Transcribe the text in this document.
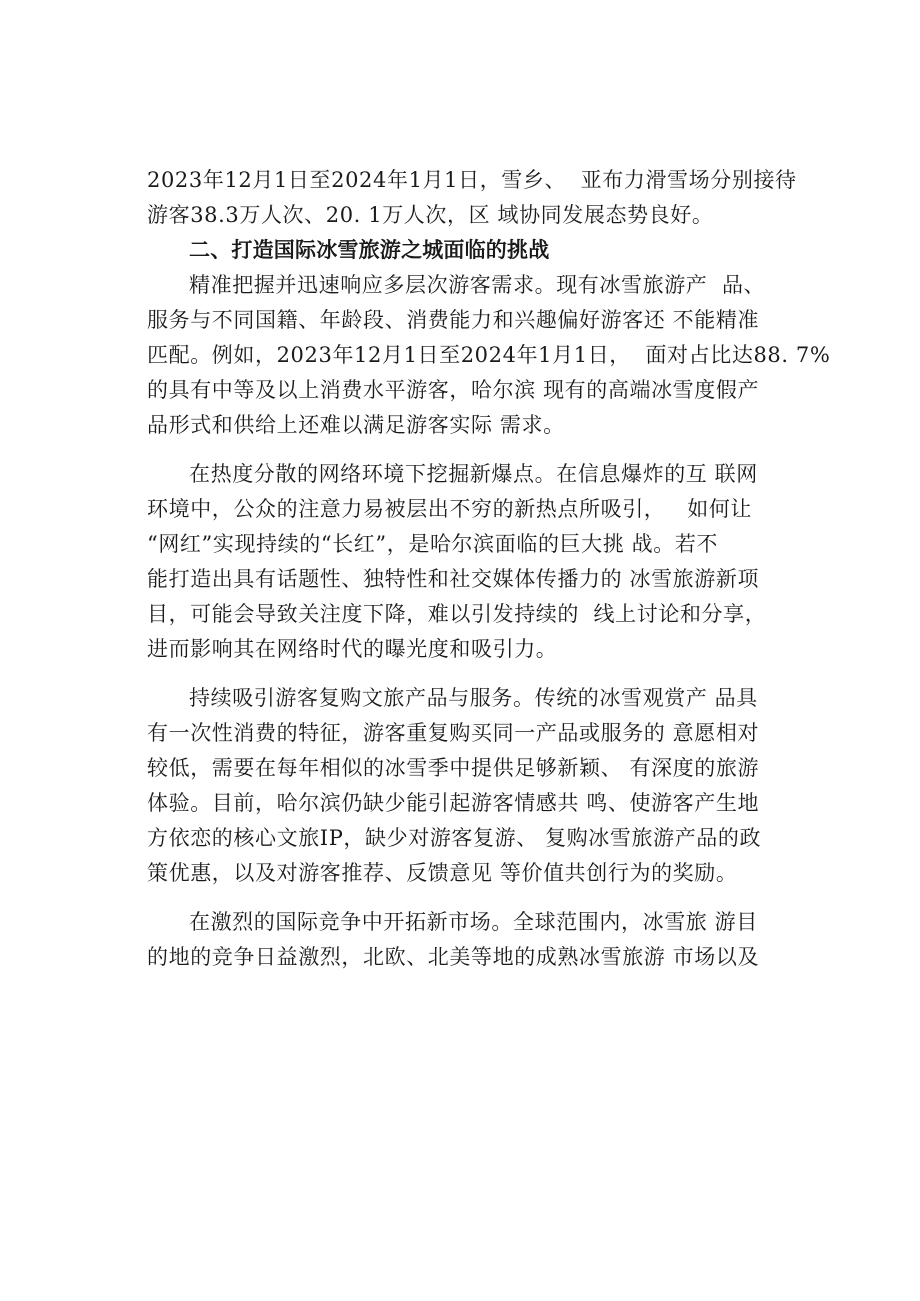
2023年12月1日至2024年1月1日，雪乡、  亚布力滑雪场分别接待
游客38.3万人次、20. 1万人次，区 域协同发展态势良好。
二、打造国际冰雪旅游之城面临的挑战
精准把握并迅速响应多层次游客需求。现有冰雪旅游产  品、
服务与不同国籍、年龄段、消费能力和兴趣偏好游客还 不能精准
匹配。例如，2023年12月1日至2024年1月1日，  面对占比达88. 7%
的具有中等及以上消费水平游客，哈尔滨 现有的高端冰雪度假产
品形式和供给上还难以满足游客实际 需求。
在热度分散的网络环境下挖掘新爆点。在信息爆炸的互 联网
环境中，公众的注意力易被层出不穷的新热点所吸引，   如何让
“网红”实现持续的“长红”，是哈尔滨面临的巨大挑 战。若不
能打造出具有话题性、独特性和社交媒体传播力的 冰雪旅游新项
目，可能会导致关注度下降，难以引发持续的  线上讨论和分享，
进而影响其在网络时代的曝光度和吸引力。
持续吸引游客复购文旅产品与服务。传统的冰雪观赏产 品具
有一次性消费的特征，游客重复购买同一产品或服务的 意愿相对
较低，需要在每年相似的冰雪季中提供足够新颖、 有深度的旅游
体验。目前，哈尔滨仍缺少能引起游客情感共 鸣、使游客产生地
方依恋的核心文旅IP，缺少对游客复游、 复购冰雪旅游产品的政
策优惠，以及对游客推荐、反馈意见 等价值共创行为的奖励。
在激烈的国际竞争中开拓新市场。全球范围内，冰雪旅 游目
的地的竞争日益激烈，北欧、北美等地的成熟冰雪旅游 市场以及
